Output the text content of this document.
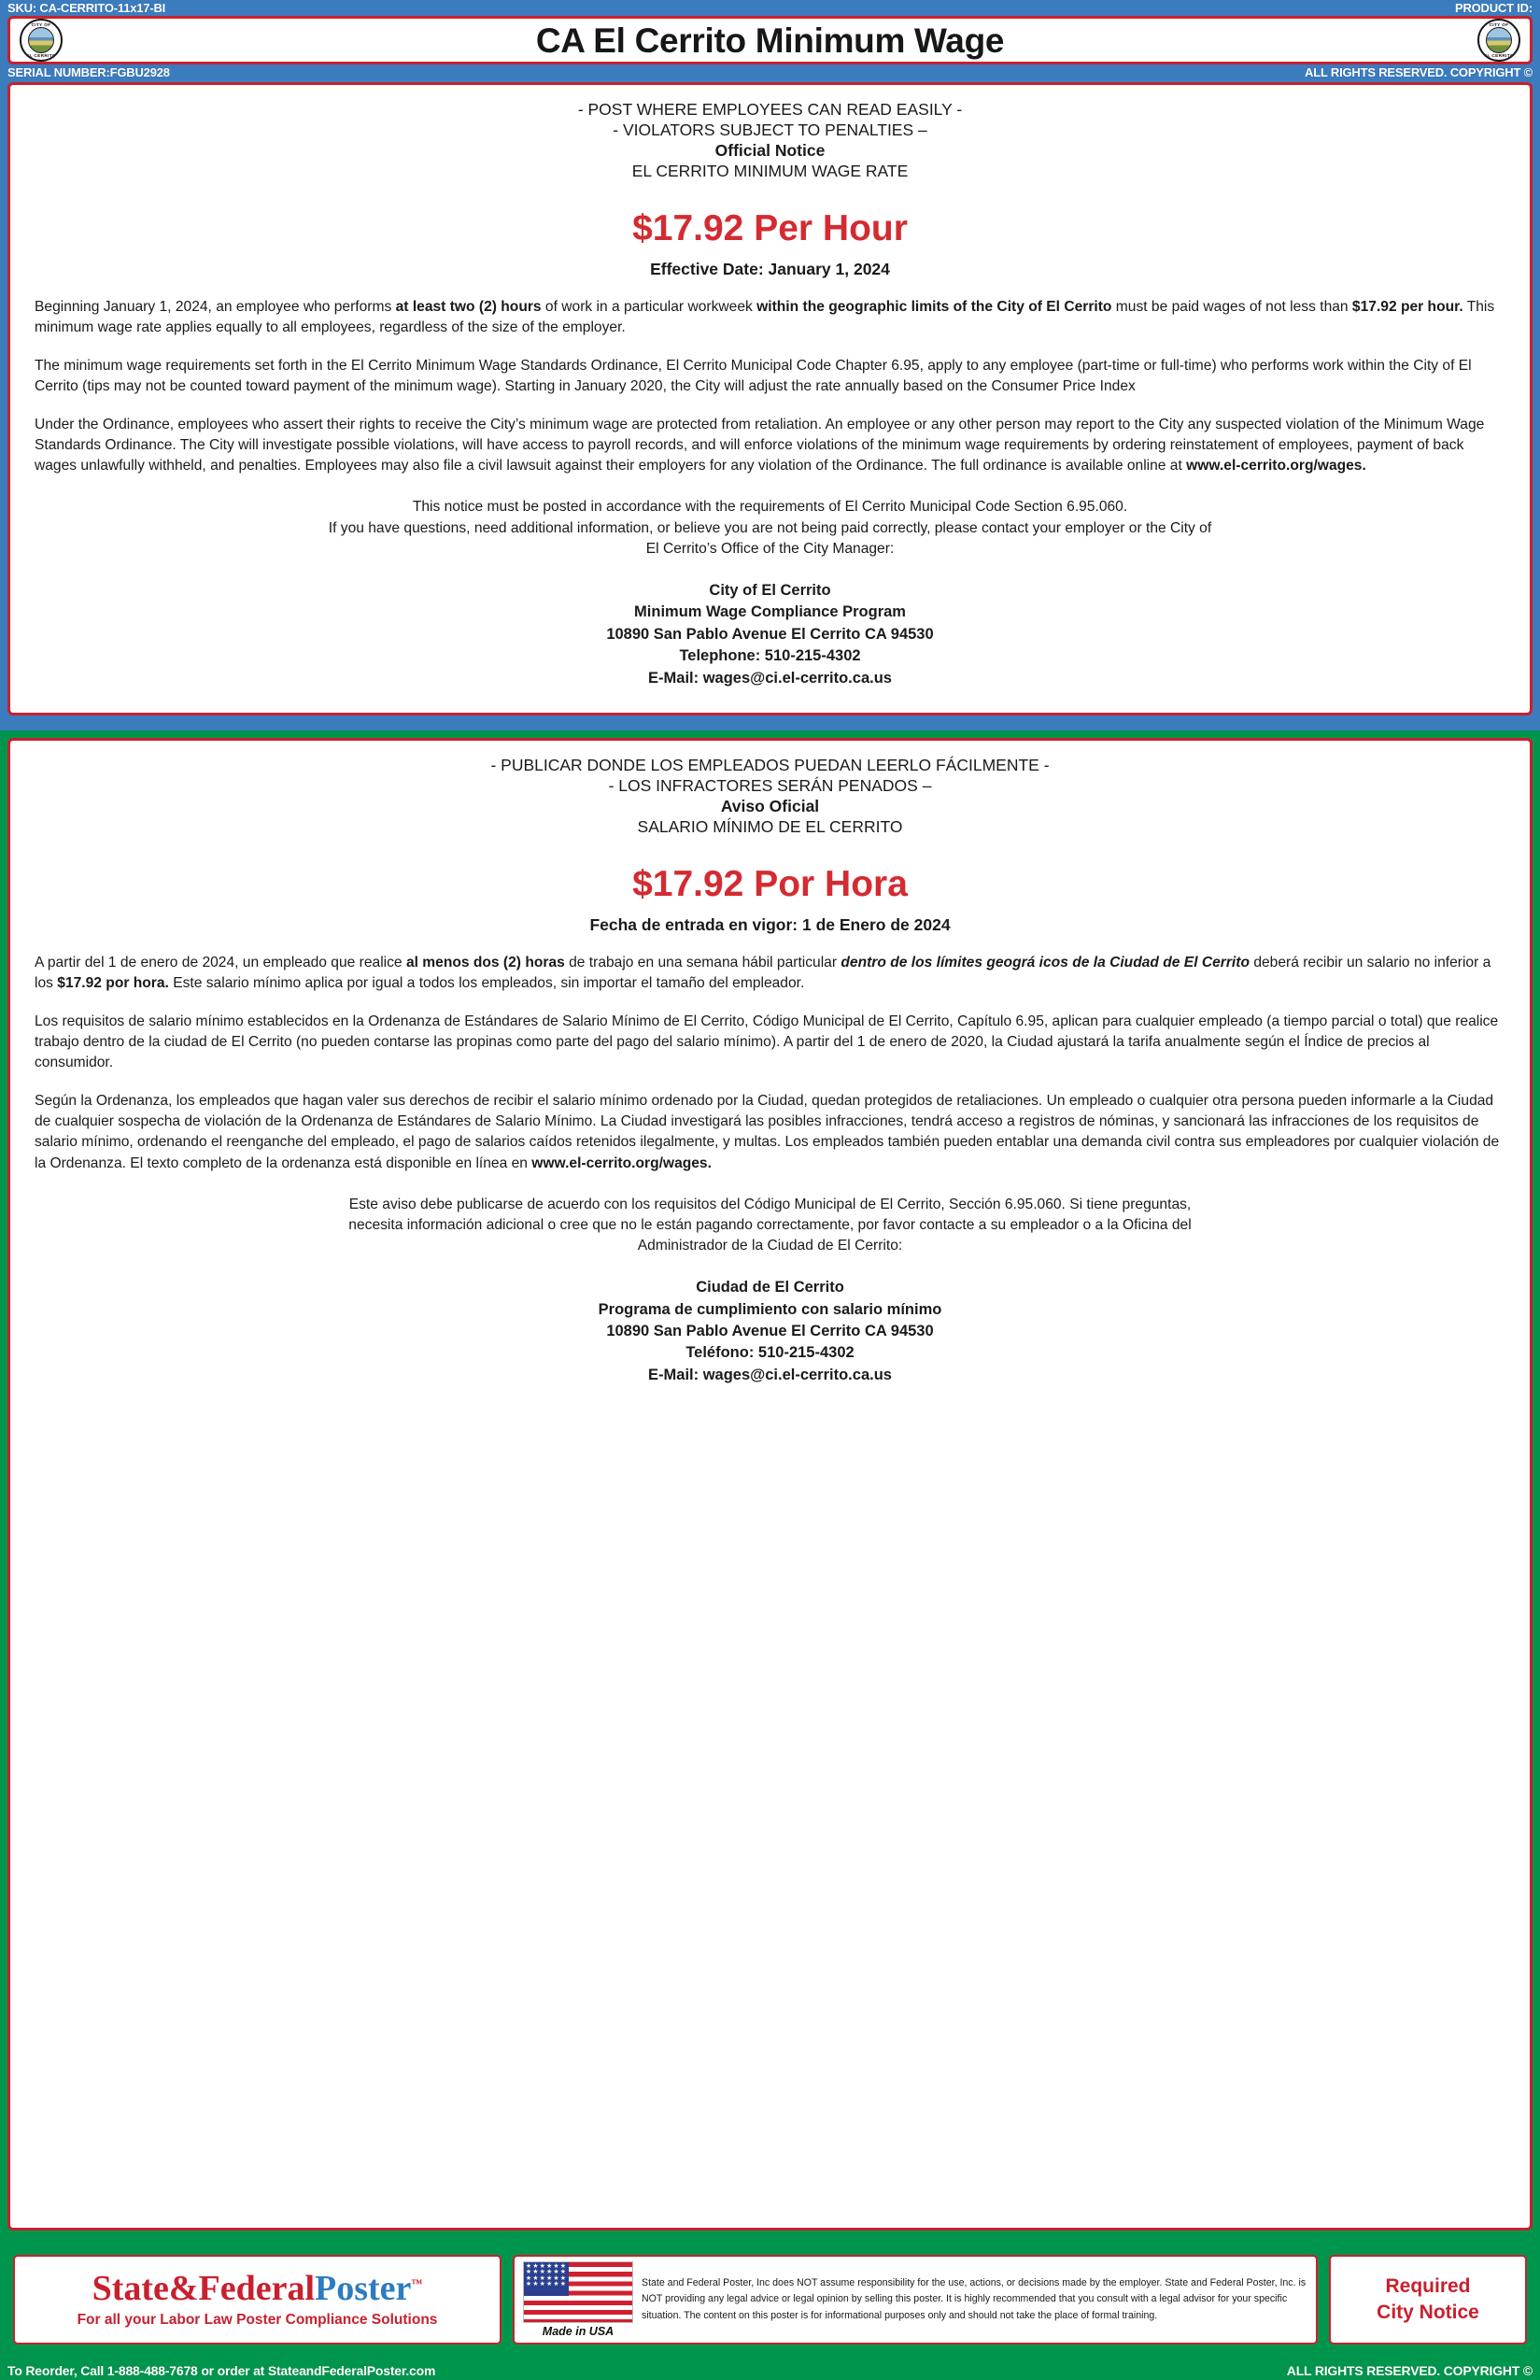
SKU: CA-CERRITO-11x17-BI	PRODUCT ID:
CITY OF
EL CERRITO	CA El Cerrito Minimum Wage	CITY OF
EL CERRITO
SERIAL NUMBER:FGBU2928	ALL RIGHTS RESERVED. COPYRIGHT ©
- POST WHERE EMPLOYEES CAN READ EASILY -
- VIOLATORS SUBJECT TO PENALTIES –
Official Notice
EL CERRITO MINIMUM WAGE RATE
$17.92 Per Hour
Effective Date: January 1, 2024

Beginning January 1, 2024, an employee who performs at least two (2) hours of work in a particular workweek within the geographic limits of the City of El Cerrito must be paid wages of not less than $17.92 per hour. This minimum wage rate applies equally to all employees, regardless of the size of the employer.

The minimum wage requirements set forth in the El Cerrito Minimum Wage Standards Ordinance, El Cerrito Municipal Code Chapter 6.95, apply to any employee (part-time or full-time) who performs work within the City of El Cerrito (tips may not be counted toward payment of the minimum wage). Starting in January 2020, the City will adjust the rate annually based on the Consumer Price Index

Under the Ordinance, employees who assert their rights to receive the City’s minimum wage are protected from retaliation. An employee or any other person may report to the City any suspected violation of the Minimum Wage Standards Ordinance. The City will investigate possible violations, will have access to payroll records, and will enforce violations of the minimum wage requirements by ordering reinstatement of employees, payment of back wages unlawfully withheld, and penalties. Employees may also file a civil lawsuit against their employers for any violation of the Ordinance. The full ordinance is available online at www.el-cerrito.org/wages.

This notice must be posted in accordance with the requirements of El Cerrito Municipal Code Section 6.95.060.
If you have questions, need additional information, or believe you are not being paid correctly, please contact your employer or the City of
El Cerrito’s Office of the City Manager:
City of El Cerrito
Minimum Wage Compliance Program
10890 San Pablo Avenue El Cerrito CA 94530
Telephone: 510-215-4302
E-Mail: wages@ci.el-cerrito.ca.us
- PUBLICAR DONDE LOS EMPLEADOS PUEDAN LEERLO FÁCILMENTE -
- LOS INFRACTORES SERÁN PENADOS –
Aviso Oficial
SALARIO MÍNIMO DE EL CERRITO
$17.92 Por Hora
Fecha de entrada en vigor: 1 de Enero de 2024

A partir del 1 de enero de 2024, un empleado que realice al menos dos (2) horas de trabajo en una semana hábil particular dentro de los límites geográ icos de la Ciudad de El Cerrito deberá recibir un salario no inferior a los $17.92 por hora. Este salario mínimo aplica por igual a todos los empleados, sin importar el tamaño del empleador.

Los requisitos de salario mínimo establecidos en la Ordenanza de Estándares de Salario Mínimo de El Cerrito, Código Municipal de El Cerrito, Capítulo 6.95, aplican para cualquier empleado (a tiempo parcial o total) que realice trabajo dentro de la ciudad de El Cerrito (no pueden contarse las propinas como parte del pago del salario mínimo). A partir del 1 de enero de 2020, la Ciudad ajustará la tarifa anualmente según el Índice de precios al consumidor.

Según la Ordenanza, los empleados que hagan valer sus derechos de recibir el salario mínimo ordenado por la Ciudad, quedan protegidos de retaliaciones. Un empleado o cualquier otra persona pueden informarle a la Ciudad de cualquier sospecha de violación de la Ordenanza de Estándares de Salario Mínimo. La Ciudad investigará las posibles infracciones, tendrá acceso a registros de nóminas, y sancionará las infracciones de los requisitos de salario mínimo, ordenando el reenganche del empleado, el pago de salarios caídos retenidos ilegalmente, y multas. Los empleados también pueden entablar una demanda civil contra sus empleadores por cualquier violación de la Ordenanza. El texto completo de la ordenanza está disponible en línea en www.el-cerrito.org/wages.

Este aviso debe publicarse de acuerdo con los requisitos del Código Municipal de El Cerrito, Sección 6.95.060. Si tiene preguntas,
necesita información adicional o cree que no le están pagando correctamente, por favor contacte a su empleador o a la Oficina del
Administrador de la Ciudad de El Cerrito:
Ciudad de El Cerrito
Programa de cumplimiento con salario mínimo
10890 San Pablo Avenue El Cerrito CA 94530
Teléfono: 510-215-4302
E-Mail: wages@ci.el-cerrito.ca.us
State&FederalPoster™
For all your Labor Law Poster Compliance Solutions
★★★★★★
★★★★★★
★★★★★★
★★★★★★
Made in USA
State and Federal Poster, Inc does NOT assume responsibility for the use, actions, or decisions made by the employer. State and Federal Poster, Inc. is NOT providing any legal advice or legal opinion by selling this poster. It is highly recommended that you consult with a legal advisor for your specific situation. The content on this poster is for informational purposes only and should not take the place of formal training.
Required
City Notice
To Reorder, Call 1-888-488-7678 or order at StateandFederalPoster.com	ALL RIGHTS RESERVED. COPYRIGHT ©
